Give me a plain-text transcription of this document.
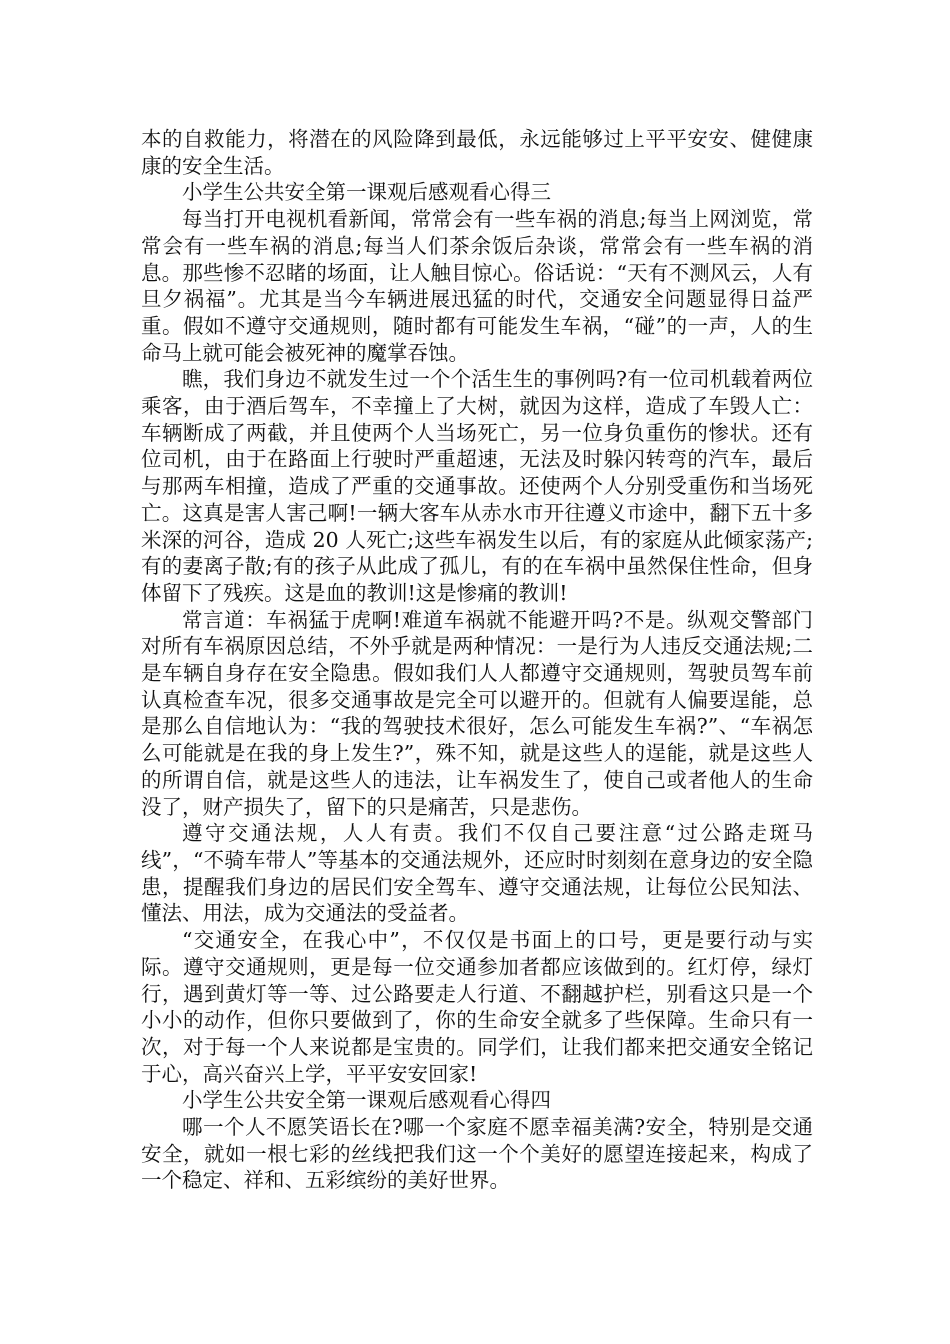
本的自救能力，将潜在的风险降到最低，永远能够过上平平安安、健健康康的安全生活。

小学生公共安全第一课观后感观看心得三

每当打开电视机看新闻，常常会有一些车祸的消息;每当上网浏览，常常会有一些车祸的消息;每当人们茶余饭后杂谈，常常会有一些车祸的消息。那些惨不忍睹的场面，让人触目惊心。俗话说：“天有不测风云，人有旦夕祸福”。尤其是当今车辆进展迅猛的时代，交通安全问题显得日益严重。假如不遵守交通规则，随时都有可能发生车祸，“碰”的一声，人的生命马上就可能会被死神的魔掌吞蚀。

瞧，我们身边不就发生过一个个活生生的事例吗?有一位司机载着两位乘客，由于酒后驾车，不幸撞上了大树，就因为这样，造成了车毁人亡：车辆断成了两截，并且使两个人当场死亡，另一位身负重伤的惨状。还有位司机，由于在路面上行驶时严重超速，无法及时躲闪转弯的汽车，最后与那两车相撞，造成了严重的交通事故。还使两个人分别受重伤和当场死亡。这真是害人害己啊!一辆大客车从赤水市开往遵义市途中，翻下五十多米深的河谷，造成 20 人死亡;这些车祸发生以后，有的家庭从此倾家荡产;有的妻离子散;有的孩子从此成了孤儿，有的在车祸中虽然保住性命，但身体留下了残疾。这是血的教训!这是惨痛的教训!

常言道：车祸猛于虎啊!难道车祸就不能避开吗?不是。纵观交警部门对所有车祸原因总结，不外乎就是两种情况：一是行为人违反交通法规;二是车辆自身存在安全隐患。假如我们人人都遵守交通规则，驾驶员驾车前认真检查车况，很多交通事故是完全可以避开的。但就有人偏要逞能，总是那么自信地认为：“我的驾驶技术很好，怎么可能发生车祸?”、“车祸怎么可能就是在我的身上发生?”，殊不知，就是这些人的逞能，就是这些人的所谓自信，就是这些人的违法，让车祸发生了，使自己或者他人的生命没了，财产损失了，留下的只是痛苦，只是悲伤。

遵守交通法规，人人有责。我们不仅自己要注意“过公路走斑马线”，“不骑车带人”等基本的交通法规外，还应时时刻刻在意身边的安全隐患，提醒我们身边的居民们安全驾车、遵守交通法规，让每位公民知法、懂法、用法，成为交通法的受益者。

“交通安全，在我心中”，不仅仅是书面上的口号，更是要行动与实际。遵守交通规则，更是每一位交通参加者都应该做到的。红灯停，绿灯行，遇到黄灯等一等、过公路要走人行道、不翻越护栏，别看这只是一个小小的动作，但你只要做到了，你的生命安全就多了些保障。生命只有一次，对于每一个人来说都是宝贵的。同学们，让我们都来把交通安全铭记于心，高兴奋兴上学，平平安安回家!

小学生公共安全第一课观后感观看心得四

哪一个人不愿笑语长在?哪一个家庭不愿幸福美满?安全，特别是交通安全，就如一根七彩的丝线把我们这一个个美好的愿望连接起来，构成了一个稳定、祥和、五彩缤纷的美好世界。
